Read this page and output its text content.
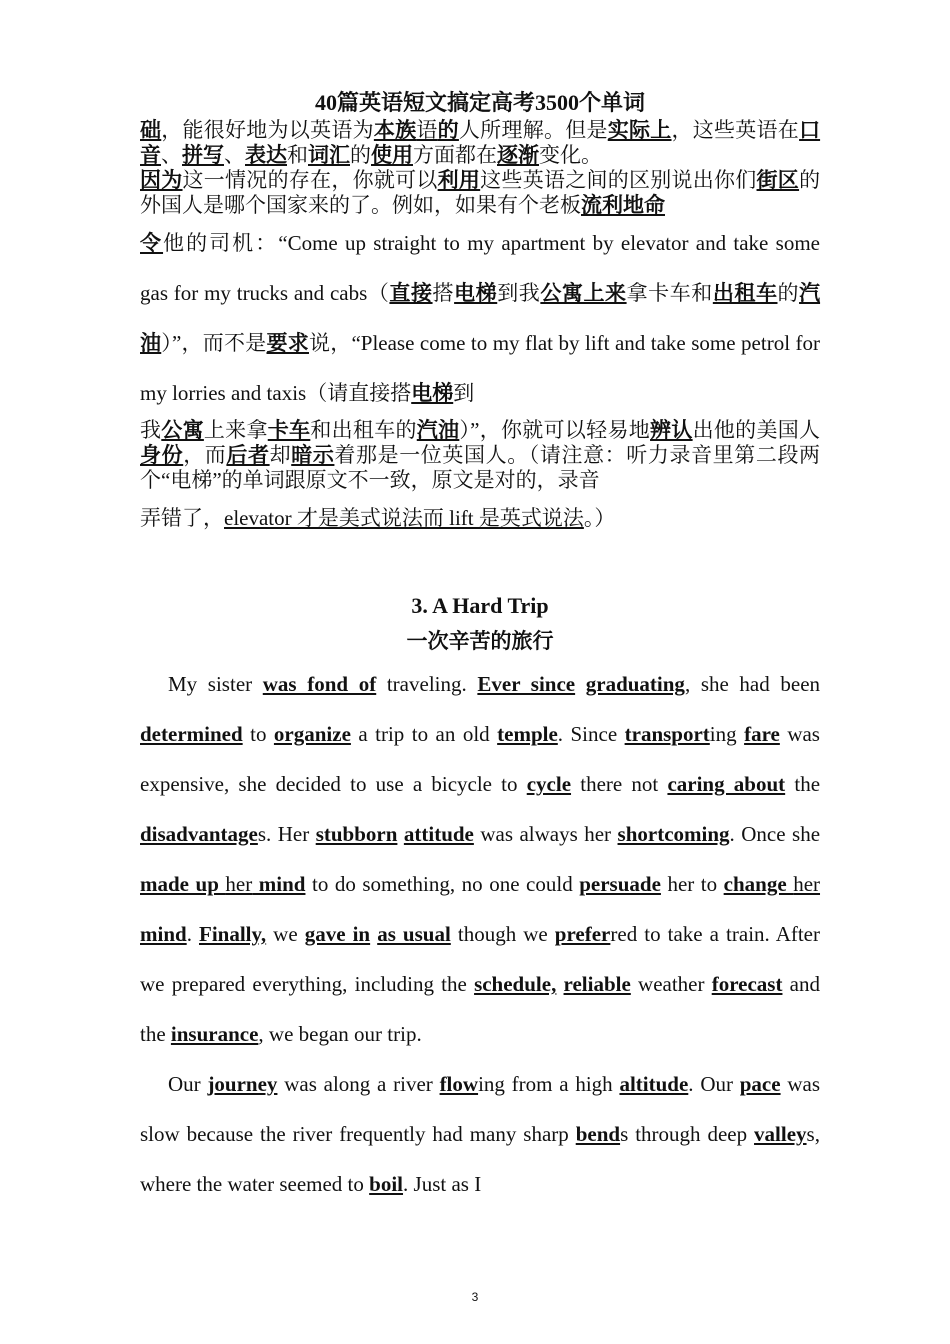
40篇英语短文搞定高考3500个单词

础，能很好地为以英语为本族语的人所理解。但是实际上，这些英语在口音、拼写、表达和词汇的使用方面都在逐渐变化。

因为这一情况的存在，你就可以利用这些英语之间的区别说出你们街区的外国人是哪个国家来的了。例如，如果有个老板流利地命

令他的司机：“Come up straight to my apartment by elevator and take some gas for my trucks and cabs（直接搭电梯到我公寓上来拿卡车和出租车的汽油）”，而不是要求说，“Please come to my flat by lift and take some petrol for my lorries and taxis（请直接搭电梯到

我公寓上来拿卡车和出租车的汽油）”，你就可以轻易地辨认出他的美国人身份，而后者却暗示着那是一位英国人。（请注意：听力录音里第二段两个“电梯”的单词跟原文不一致，原文是对的，录音

弄错了，elevator 才是美式说法而 lift 是英式说法。）

3. A Hard Trip

一次辛苦的旅行

My sister was fond of traveling. Ever since graduating, she had been determined to organize a trip to an old temple. Since transporting fare was expensive, she decided to use a bicycle to cycle there not caring about the disadvantages. Her stubborn attitude was always her shortcoming. Once she made up her mind to do something, no one could persuade her to change her mind. Finally, we gave in as usual though we preferred to take a train. After we prepared everything, including the schedule, reliable weather forecast and the insurance, we began our trip.

Our journey was along a river flowing from a high altitude. Our pace was slow because the river frequently had many sharp bends through deep valleys, where the water seemed to boil. Just as I

3
